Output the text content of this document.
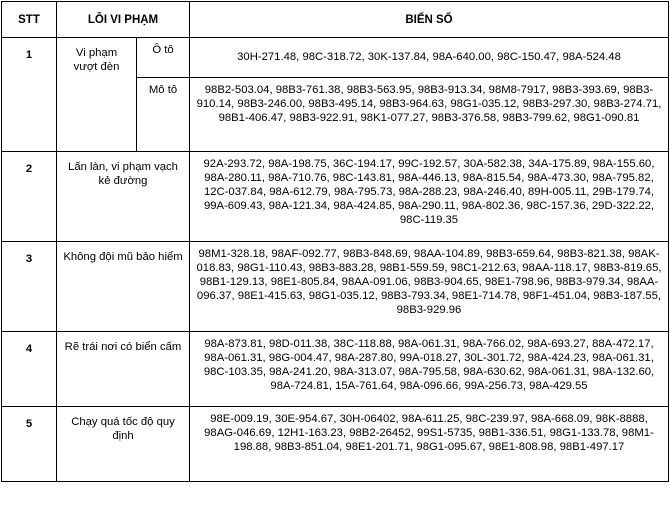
STT	LỖI VI PHẠM		BIỂN SỐ
1	Vi phạm vượt đèn	Ô tô	30H-271.48, 98C-318.72, 30K-137.84, 98A-640.00, 98C-150.47, 98A-524.48
		Mô tô	98B2-503.04, 98B3-761.38, 98B3-563.95, 98B3-913.34, 98M8-7917, 98B3-393.69, 98B3-910.14, 98B3-246.00, 98B3-495.14, 98B3-964.63, 98G1-035.12, 98B3-297.30, 98B3-274.71, 98B1-406.47, 98B3-922.91, 98K1-077.27, 98B3-376.58, 98B3-799.62, 98G1-090.81
2	Lấn làn, vi phạm vạch kẻ đường		92A-293.72, 98A-198.75, 36C-194.17, 99C-192.57, 30A-582.38, 34A-175.89, 98A-155.60, 98A-280.11, 98A-710.76, 98C-143.81, 98A-446.13, 98A-815.54, 98A-473.30, 98A-795.82, 12C-037.84, 98A-612.79, 98A-795.73, 98A-288.23, 98A-246.40, 89H-005.11, 29B-179.74, 99A-609.43, 98A-121.34, 98A-424.85, 98A-290.11, 98A-802.36, 98C-157.36, 29D-322.22, 98C-119.35
3	Không đội mũ bảo hiểm		98M1-328.18, 98AF-092.77, 98B3-848.69, 98AA-104.89, 98B3-659.64, 98B3-821.38, 98AK-018.83, 98G1-110.43, 98B3-883.28, 98B1-559.59, 98C1-212.63, 98AA-118.17, 98B3-819.65, 98B1-129.13, 98E1-805.84, 98AA-091.06, 98B3-904.65, 98E1-798.96, 98B3-979.34, 98AA-096.37, 98E1-415.63, 98G1-035.12, 98B3-793.34, 98E1-714.78, 98F1-451.04, 98B3-187.55, 98B3-929.96
4	Rẽ trái nơi có biển cấm		98A-873.81, 98D-011.38, 38C-118.88, 98A-061.31, 98A-766.02, 98A-693.27, 88A-472.17, 98A-061.31, 98G-004.47, 98A-287.80, 99A-018.27, 30L-301.72, 98A-424.23, 98A-061.31, 98C-103.35, 98A-241.20, 98A-313.07, 98A-795.58, 98A-630.62, 98A-061.31, 98A-132.60, 98A-724.81, 15A-761.64, 98A-096.66, 99A-256.73, 98A-429.55
5	Chạy quá tốc độ quy định		98E-009.19, 30E-954.67, 30H-06402, 98A-611.25, 98C-239.97, 98A-668.09, 98K-8888, 98AG-046.69, 12H1-163.23, 98B2-26452, 99S1-5735, 98B1-336.51, 98G1-133.78, 98M1-198.88, 98B3-851.04, 98E1-201.71, 98G1-095.67, 98E1-808.98, 98B1-497.17
